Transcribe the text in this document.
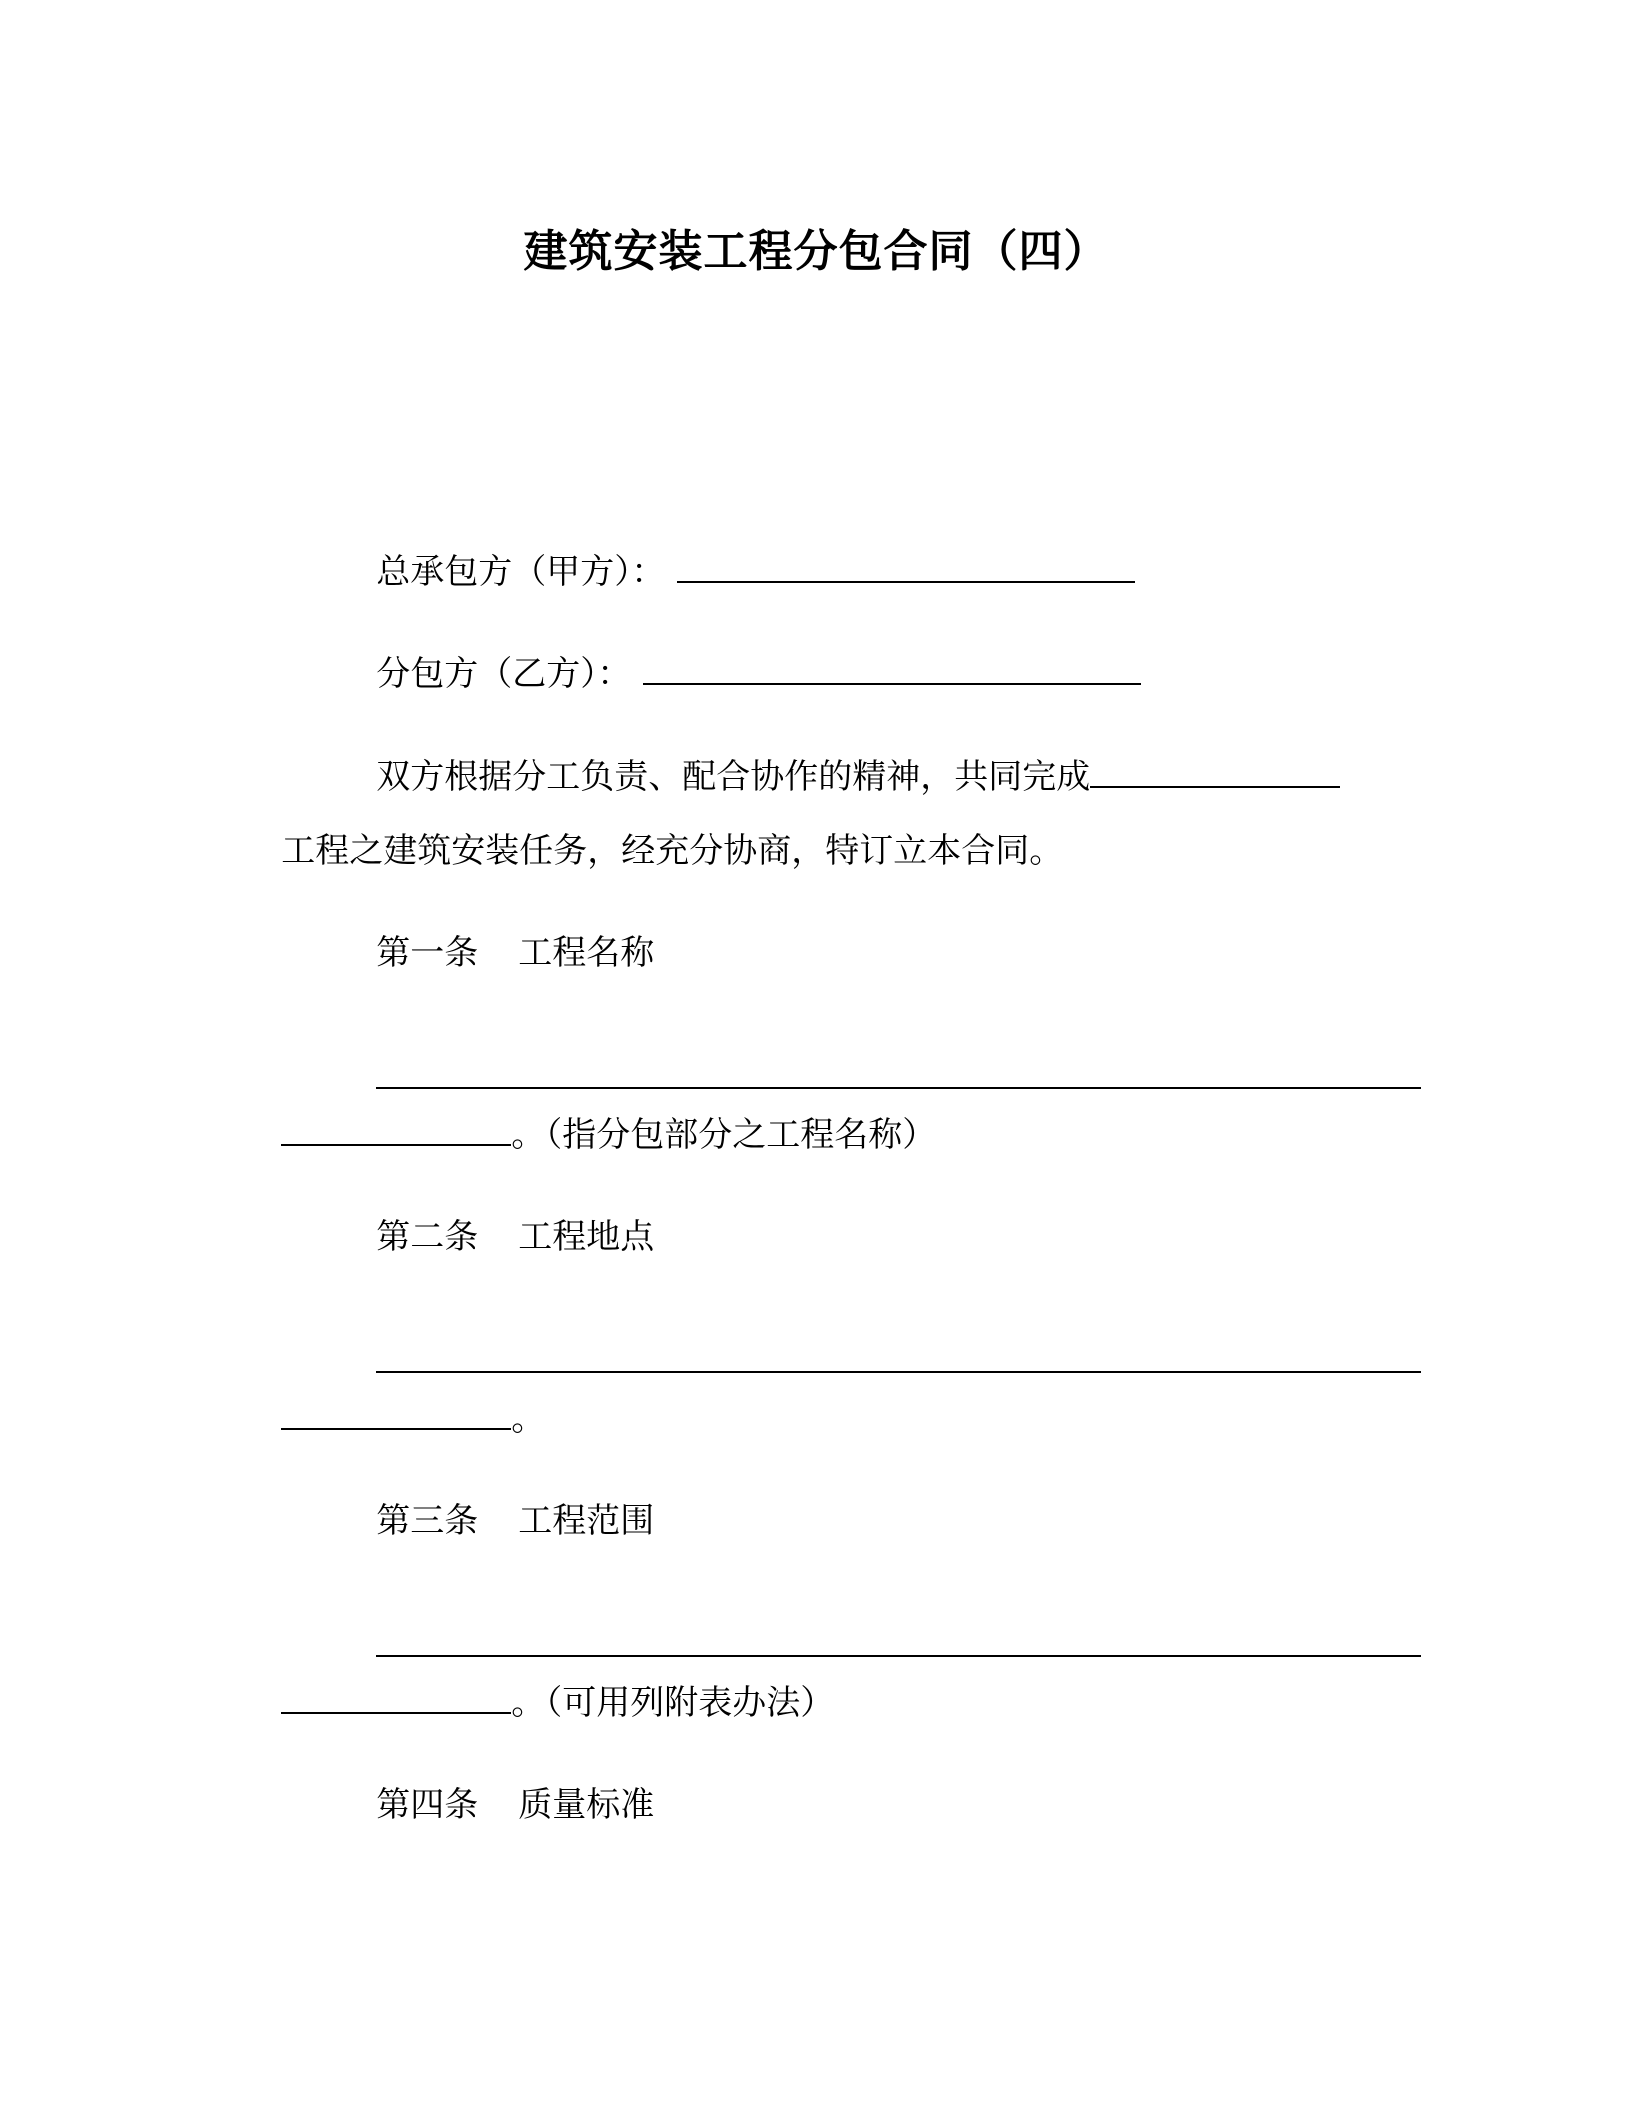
建筑安装工程分包合同（四）

总承包方（甲方）：

分包方（乙方）：

双方根据分工负责、配合协作的精神，共同完成

工程之建筑安装任务，经充分协商，特订立本合同。

第一条 工程名称

。（指分包部分之工程名称）

第二条 工程地点

。

第三条 工程范围

。（可用列附表办法）

第四条 质量标准
